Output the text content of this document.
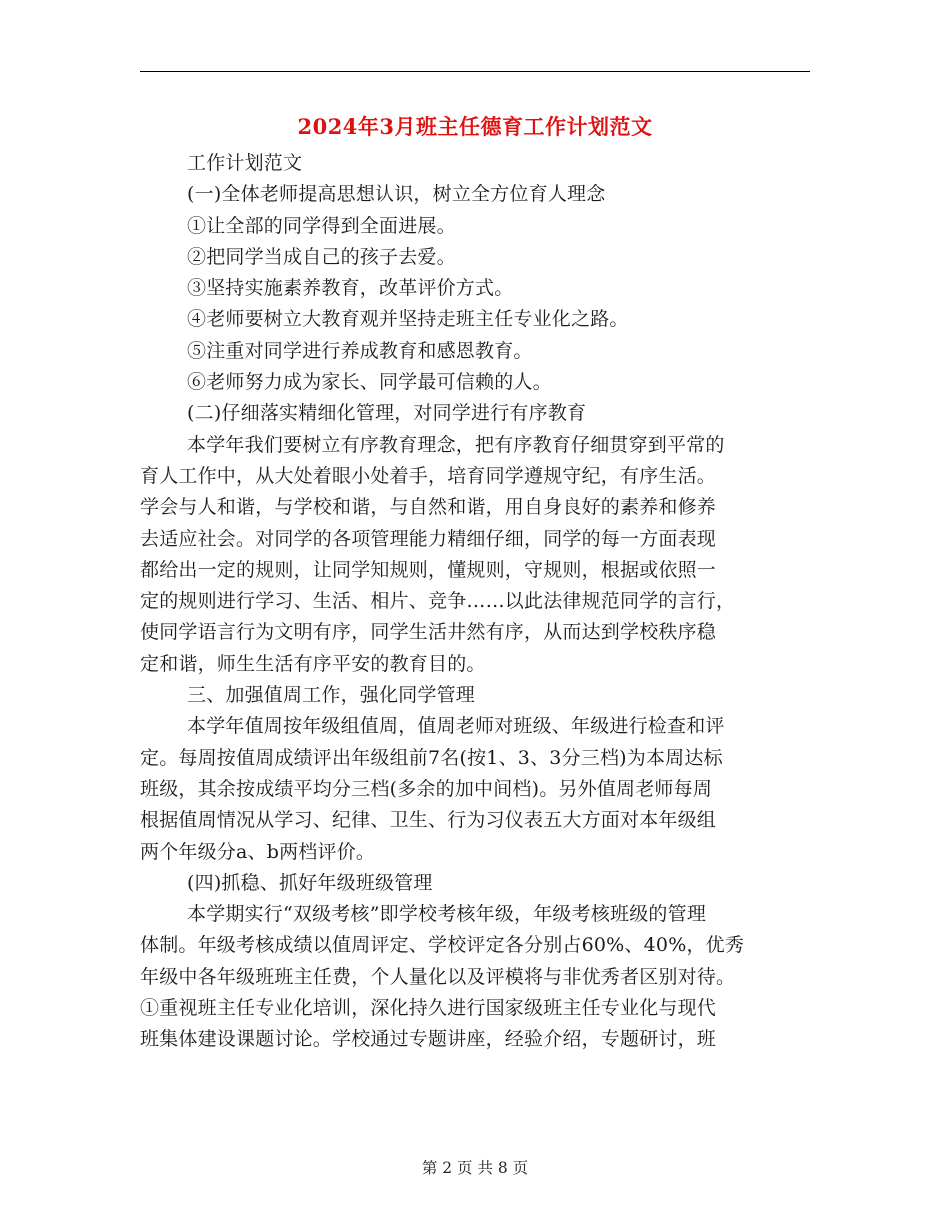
2024年3月班主任德育工作计划范文

工作计划范文

(一)全体老师提高思想认识，树立全方位育人理念

①让全部的同学得到全面进展。

②把同学当成自己的孩子去爱。

③坚持实施素养教育，改革评价方式。

④老师要树立大教育观并坚持走班主任专业化之路。

⑤注重对同学进行养成教育和感恩教育。

⑥老师努力成为家长、同学最可信赖的人。

(二)仔细落实精细化管理，对同学进行有序教育

本学年我们要树立有序教育理念，把有序教育仔细贯穿到平常的

育人工作中，从大处着眼小处着手，培育同学遵规守纪，有序生活。

学会与人和谐，与学校和谐，与自然和谐，用自身良好的素养和修养

去适应社会。对同学的各项管理能力精细仔细，同学的每一方面表现

都给出一定的规则，让同学知规则，懂规则，守规则，根据或依照一

定的规则进行学习、生活、相片、竞争……以此法律规范同学的言行，

使同学语言行为文明有序，同学生活井然有序，从而达到学校秩序稳

定和谐，师生生活有序平安的教育目的。

三、加强值周工作，强化同学管理

本学年值周按年级组值周，值周老师对班级、年级进行检查和评

定。每周按值周成绩评出年级组前7名(按1、3、3分三档)为本周达标

班级，其余按成绩平均分三档(多余的加中间档)。另外值周老师每周

根据值周情况从学习、纪律、卫生、行为习仪表五大方面对本年级组

两个年级分a、b两档评价。

(四)抓稳、抓好年级班级管理

本学期实行“双级考核”即学校考核年级，年级考核班级的管理

体制。年级考核成绩以值周评定、学校评定各分别占60%、40%，优秀

年级中各年级班班主任费，个人量化以及评模将与非优秀者区别对待。

①重视班主任专业化培训，深化持久进行国家级班主任专业化与现代

班集体建设课题讨论。学校通过专题讲座，经验介绍，专题研讨，班

第 2 页 共 8 页
